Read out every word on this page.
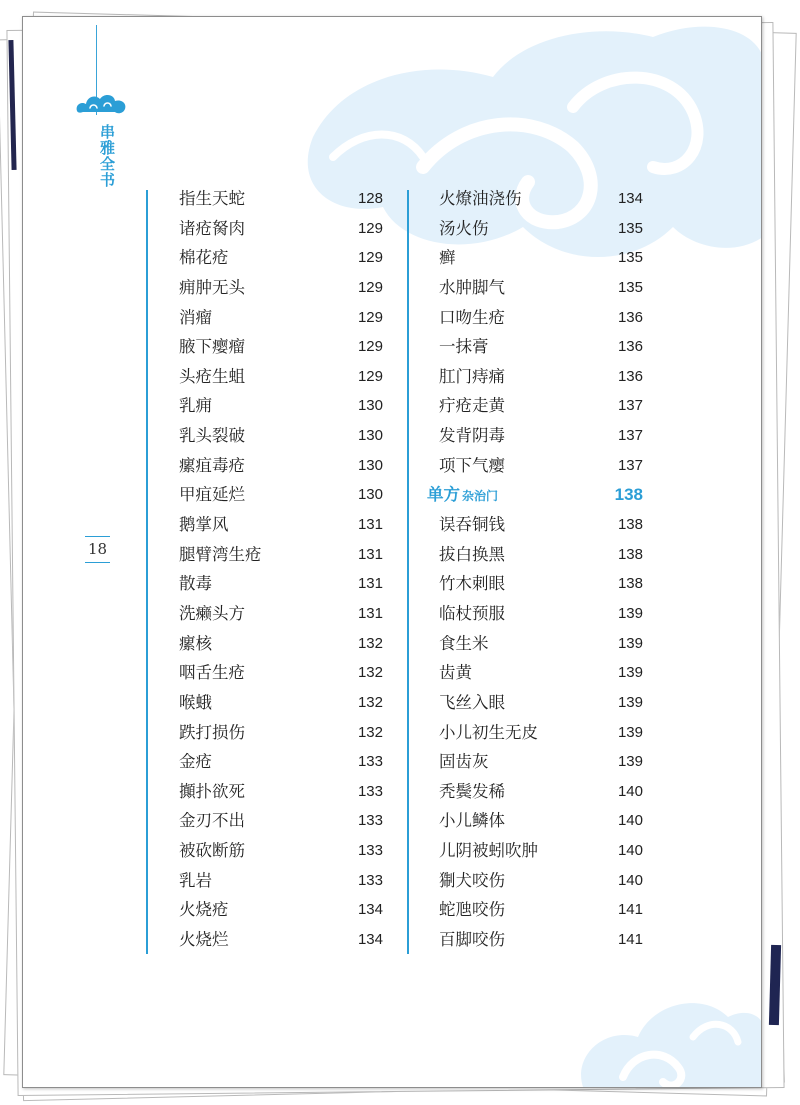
串雅全书
18
指生天蛇	128
诸疮胬肉	129
棉花疮	129
痈肿无头	129
消瘤	129
腋下瘿瘤	129
头疮生蛆	129
乳痈	130
乳头裂破	130
瘰疽毒疮	130
甲疽延烂	130
鹅掌风	131
腿臂湾生疮	131
散毒	131
洗癞头方	131
瘰核	132
咽舌生疮	132
喉蛾	132
跌打损伤	132
金疮	133
攧扑欲死	133
金刃不出	133
被砍断筋	133
乳岩	133
火烧疮	134
火烧烂	134
火燎油浇伤	134
汤火伤	135
癣	135
水肿脚气	135
口吻生疮	136
一抹膏	136
肛门痔痛	136
疔疮走黄	137
发背阴毒	137
项下气瘿	137
单方 杂治门	138
误吞铜钱	138
拔白换黑	138
竹木刺眼	138
临杖预服	139
食生米	139
齿黄	139
飞丝入眼	139
小儿初生无皮	139
固齿灰	139
秃鬓发稀	140
小儿鳞体	140
儿阴被蚓吹肿	140
猘犬咬伤	140
蛇虺咬伤	141
百脚咬伤	141
